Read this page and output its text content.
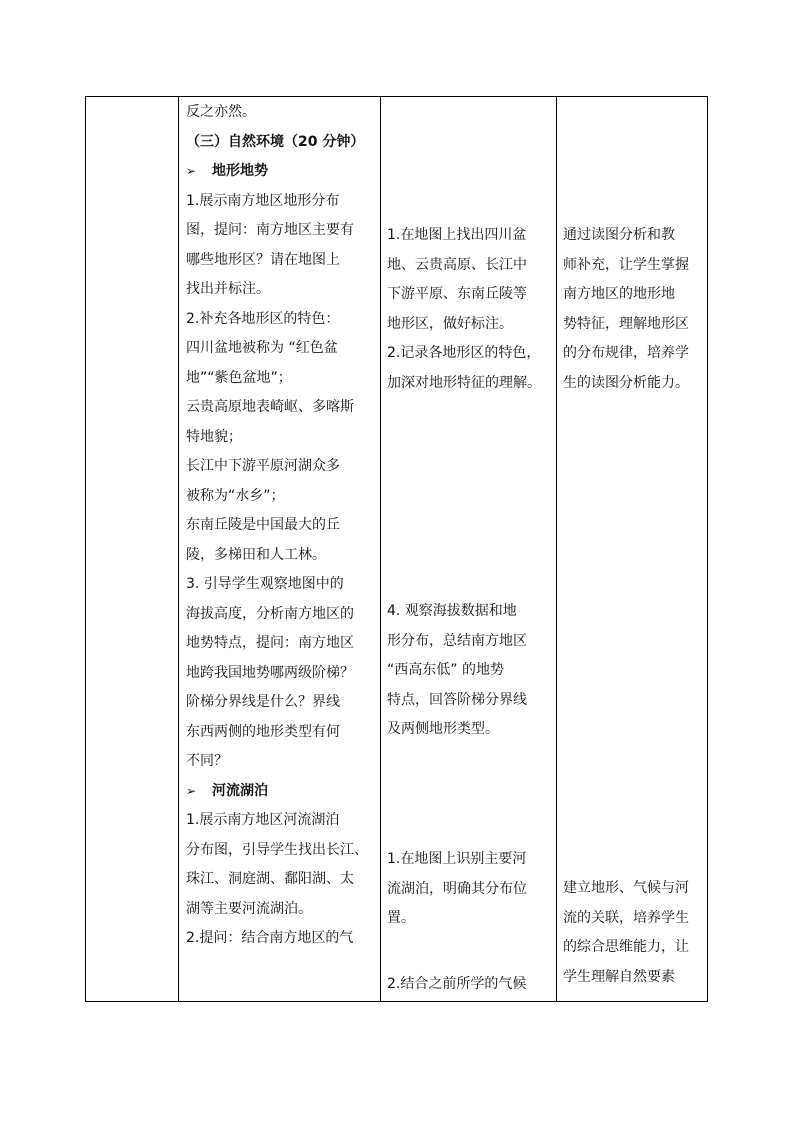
反之亦然。

（三）自然环境（20 分钟）

➢ 地形地势

1.展示南方地区地形分布

图，提问：南方地区主要有

哪些地形区？请在地图上

找出并标注。

2.补充各地形区的特色：

四川盆地被称为 “红色盆

地”“紫色盆地”；

云贵高原地表崎岖、多喀斯

特地貌；

长江中下游平原河湖众多

被称为“水乡”；

东南丘陵是中国最大的丘

陵，多梯田和人工林。

3. 引导学生观察地图中的

海拔高度，分析南方地区的

地势特点，提问：南方地区

地跨我国地势哪两级阶梯？

阶梯分界线是什么？界线

东西两侧的地形类型有何

不同？

➢ 河流湖泊

1.展示南方地区河流湖泊

分布图，引导学生找出长江、

珠江、洞庭湖、鄱阳湖、太

湖等主要河流湖泊。

2.提问：结合南方地区的气

1.在地图上找出四川盆

地、云贵高原、长江中

下游平原、东南丘陵等

地形区，做好标注。

2.记录各地形区的特色，

加深对地形特征的理解。

4. 观察海拔数据和地

形分布，总结南方地区

“西高东低” 的地势

特点，回答阶梯分界线

及两侧地形类型。

1.在地图上识别主要河

流湖泊，明确其分布位

置。

2.结合之前所学的气候

通过读图分析和教

师补充，让学生掌握

南方地区的地形地

势特征，理解地形区

的分布规律，培养学

生的读图分析能力。

建立地形、气候与河

流的关联，培养学生

的综合思维能力，让

学生理解自然要素
